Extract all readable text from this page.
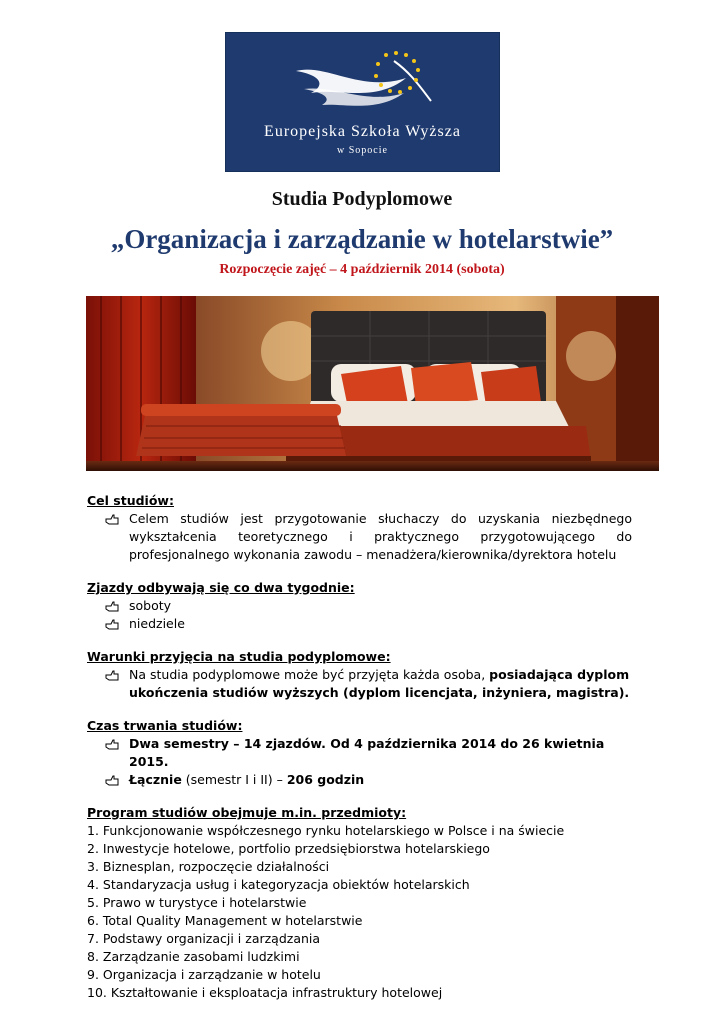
Europejska Szkoła Wyższa
w Sopocie
Studia Podyplomowe
„Organizacja i zarządzanie w hotelarstwie”
Rozpoczęcie zajęć – 4 październik 2014 (sobota)
Cel studiów:
Celem studiów jest przygotowanie słuchaczy do uzyskania niezbędnego wykształcenia teoretycznego i praktycznego przygotowującego do profesjonalnego wykonania zawodu – menadżera/kierownika/dyrektora hotelu
Zjazdy odbywają się co dwa tygodnie:
soboty
niedziele
Warunki przyjęcia na studia podyplomowe:
Na studia podyplomowe może być przyjęta każda osoba, posiadająca dyplom ukończenia studiów wyższych (dyplom licencjata, inżyniera, magistra).
Czas trwania studiów:
Dwa semestry – 14 zjazdów. Od 4 października 2014 do 26 kwietnia 2015.
Łącznie (semestr I i II) – 206 godzin
Program studiów obejmuje m.in. przedmioty:
1. Funkcjonowanie współczesnego rynku hotelarskiego w Polsce i na świecie
2. Inwestycje hotelowe, portfolio przedsiębiorstwa hotelarskiego
3. Biznesplan, rozpoczęcie działalności
4. Standaryzacja usług i kategoryzacja obiektów hotelarskich
5. Prawo w turystyce i hotelarstwie
6. Total Quality Management w hotelarstwie
7. Podstawy organizacji i zarządzania
8. Zarządzanie zasobami ludzkimi
9. Organizacja i zarządzanie w hotelu
10. Kształtowanie i eksploatacja infrastruktury hotelowej
